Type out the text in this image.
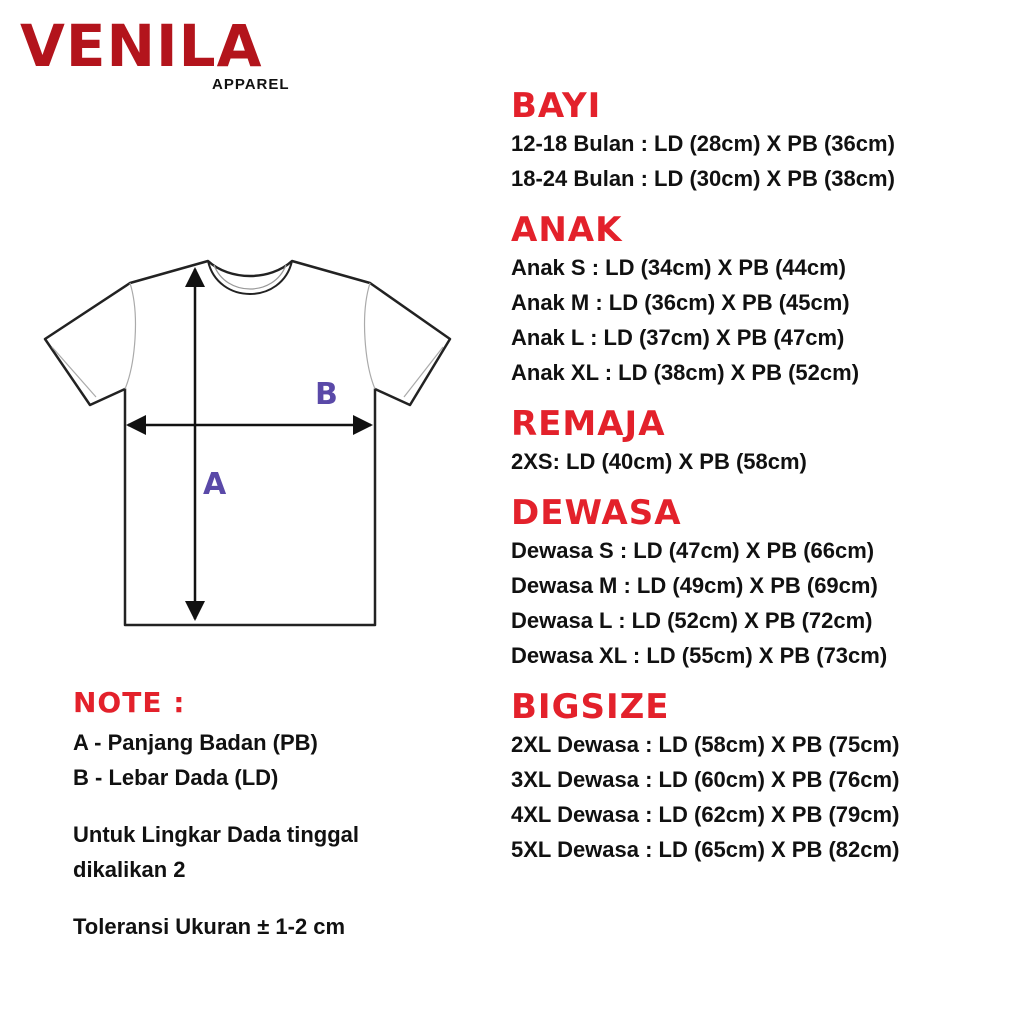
VENILA
APPAREL
A
B
NOTE :
A - Panjang Badan (PB)
B - Lebar Dada (LD)
Untuk Lingkar Dada tinggal
dikalikan 2
Toleransi Ukuran ± 1-2 cm
BAYI
12-18 Bulan : LD (28cm) X PB (36cm)
18-24 Bulan : LD (30cm) X PB (38cm)
ANAK
Anak S : LD (34cm) X PB (44cm)
Anak M : LD (36cm) X PB (45cm)
Anak L : LD (37cm) X PB (47cm)
Anak XL : LD (38cm) X PB (52cm)
REMAJA
2XS: LD (40cm) X PB (58cm)
DEWASA
Dewasa S : LD (47cm) X PB (66cm)
Dewasa M : LD (49cm) X PB (69cm)
Dewasa L : LD (52cm) X PB (72cm)
Dewasa XL : LD (55cm) X PB (73cm)
BIGSIZE
2XL Dewasa : LD (58cm) X PB (75cm)
3XL Dewasa : LD (60cm) X PB (76cm)
4XL Dewasa : LD (62cm) X PB (79cm)
5XL Dewasa : LD (65cm) X PB (82cm)
